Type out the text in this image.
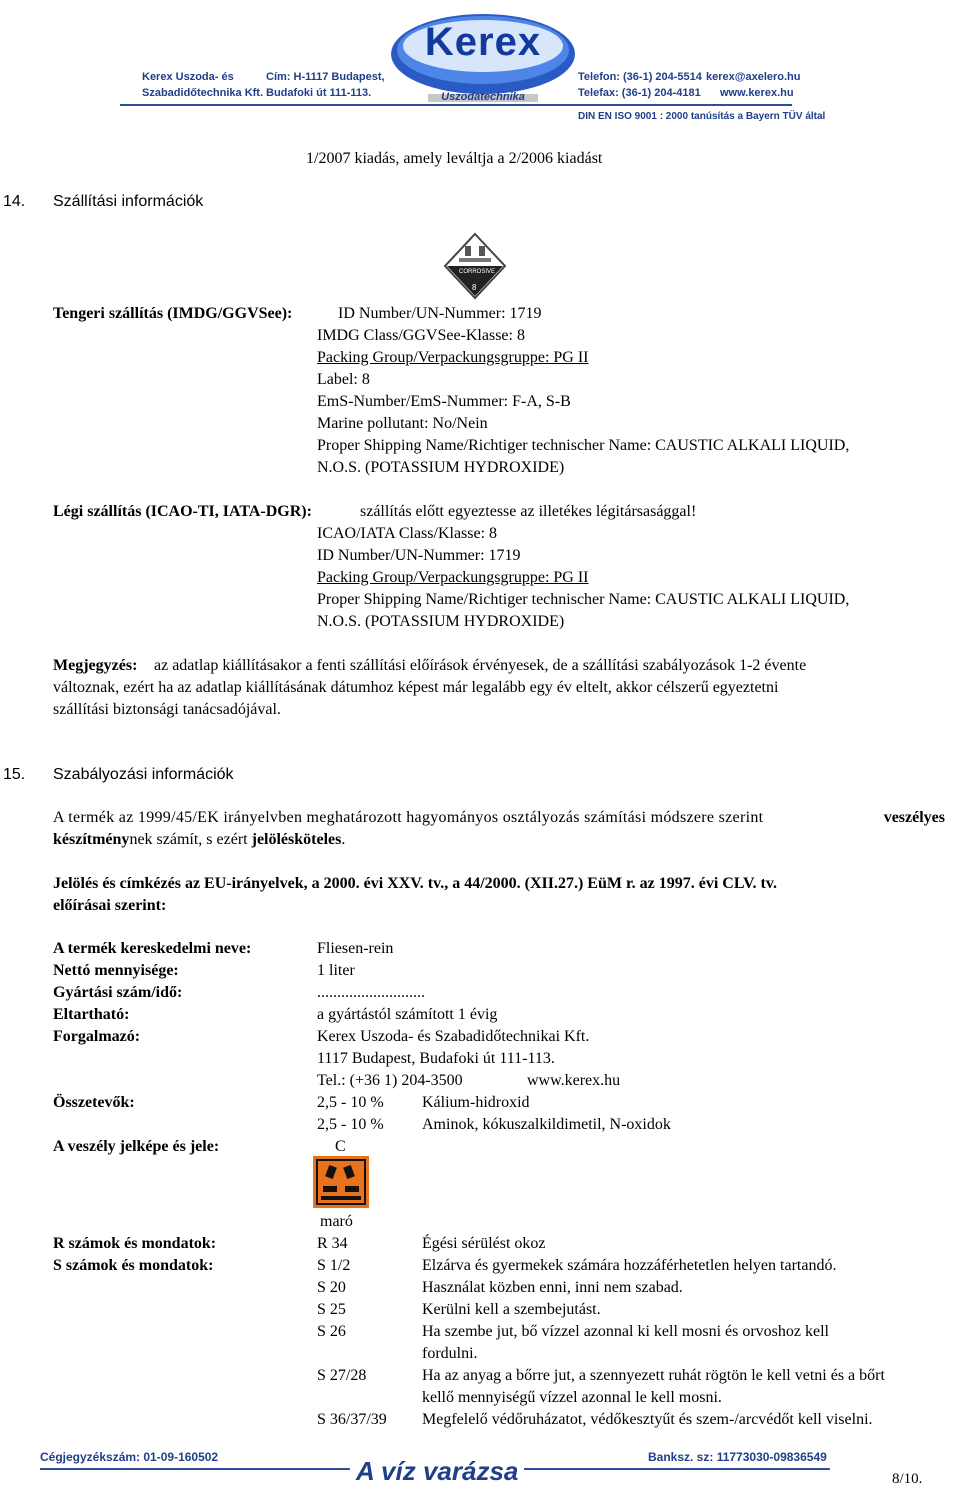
Kerex
Uszodatechnika
Kerex Uszoda- és
Szabadidőtechnika Kft.
Cím: H-1117 Budapest,
Budafoki út 111-113.
Telefon: (36-1) 204-5514
Telefax: (36-1) 204-4181
kerex@axelero.hu
www.kerex.hu
DIN EN ISO 9001 : 2000 tanúsítás a Bayern TÜV által
1/2007 kiadás, amely leváltja a 2/2006 kiadást
14. Szállítási információk
CORROSIVE
8
Tengeri szállítás (IMDG/GGVSee):	ID Number/UN-Nummer: 1719
IMDG Class/GGVSee-Klasse: 8
Packing Group/Verpackungsgruppe: PG II
Label: 8
EmS-Number/EmS-Nummer: F-A, S-B
Marine pollutant: No/Nein
Proper Shipping Name/Richtiger technischer Name: CAUSTIC ALKALI LIQUID,
N.O.S. (POTASSIUM HYDROXIDE)
Légi szállítás (ICAO-TI, IATA-DGR):	szállítás előtt egyeztesse az illetékes légitársasággal!
ICAO/IATA Class/Klasse: 8
ID Number/UN-Nummer: 1719
Packing Group/Verpackungsgruppe: PG II
Proper Shipping Name/Richtiger technischer Name: CAUSTIC ALKALI LIQUID,
N.O.S. (POTASSIUM HYDROXIDE)
Megjegyzés: az adatlap kiállításakor a fenti szállítási előírások érvényesek, de a szállítási szabályozások 1-2 évente
változnak, ezért ha az adatlap kiállításának dátumhoz képest már legalább egy év eltelt, akkor célszerű egyeztetni
szállítási biztonsági tanácsadójával.
15. Szabályozási információk
A termék az 1999/45/EK irányelvben meghatározott hagyományos osztályozás számítási módszere szerint	veszélyes
készítménynek számít, s ezért jelölésköteles.
Jelölés és címkézés az EU-irányelvek, a 2000. évi XXV. tv., a 44/2000. (XII.27.) EüM r. az 1997. évi CLV. tv.
előírásai szerint:
A termék kereskedelmi neve:	Fliesen-rein
Nettó mennyisége:	1 liter
Gyártási szám/idő:	...........................
Eltartható:	a gyártástól számított 1 évig
Forgalmazó:	Kerex Uszoda- és Szabadidőtechnikai Kft.
1117 Budapest, Budafoki út 111-113.
Tel.: (+36 1) 204-3500	www.kerex.hu
Összetevők:	2,5 - 10 % Kálium-hidroxid
2,5 - 10 % Aminok, kókuszalkildimetil, N-oxidok
A veszély jelképe és jele:	C
maró
R számok és mondatok:	R 34	Égési sérülést okoz
S számok és mondatok:	S 1/2	Elzárva és gyermekek számára hozzáférhetetlen helyen tartandó.
S 20	Használat közben enni, inni nem szabad.
S 25	Kerülni kell a szembejutást.
S 26	Ha szembe jut, bő vízzel azonnal ki kell mosni és orvoshoz kell
fordulni.
S 27/28	Ha az anyag a bőrre jut, a szennyezett ruhát rögtön le kell vetni és a bőrt
kellő mennyiségű vízzel azonnal le kell mosni.
S 36/37/39 Megfelelő védőruházatot, védőkesztyűt és szem-/arcvédőt kell viselni.
Cégjegyzékszám: 01-09-160502	A víz varázsa	Banksz. sz: 11773030-09836549
8/10.
